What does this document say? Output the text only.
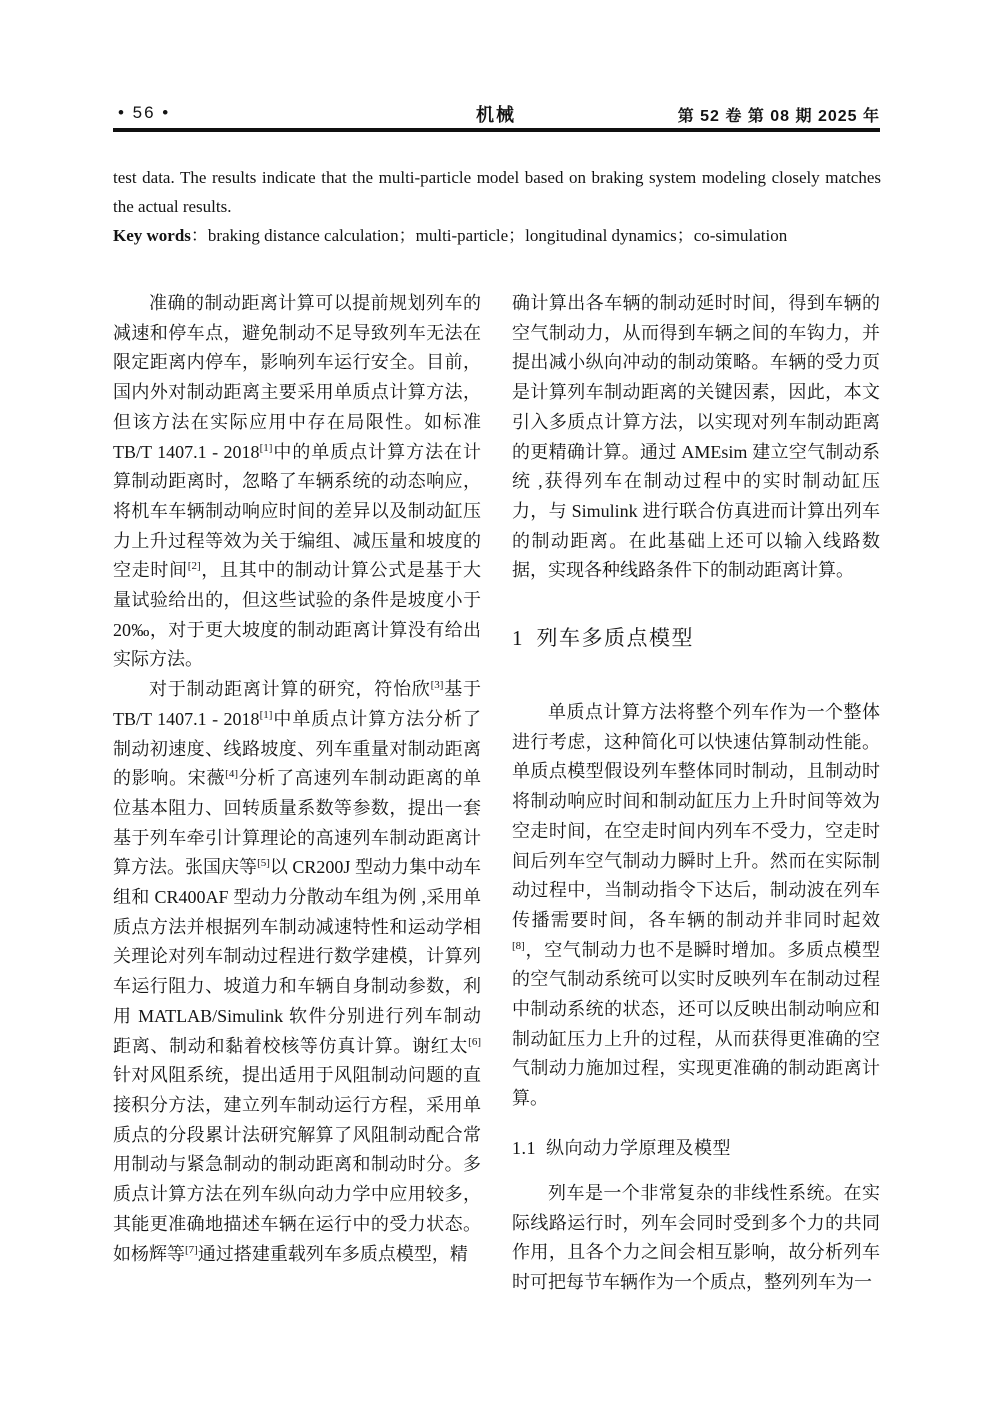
• 56 •	机械	第 52 卷 第 08 期 2025 年
test data. The results indicate that the multi-particle model based on braking system modeling closely matches
the actual results.
Key words：braking distance calculation；multi-particle；longitudinal dynamics；co-simulation

准确的制动距离计算可以提前规划列车的减速和停车点，避免制动不足导致列车无法在限定距离内停车，影响列车运行安全。目前，国内外对制动距离主要采用单质点计算方法，但该方法在实际应用中存在局限性。如标准TB/T 1407.1 - 2018[1]中的单质点计算方法在计算制动距离时，忽略了车辆系统的动态响应，将机车车辆制动响应时间的差异以及制动缸压力上升过程等效为关于编组、减压量和坡度的空走时间[2]，且其中的制动计算公式是基于大量试验给出的，但这些试验的条件是坡度小于20‰，对于更大坡度的制动距离计算没有给出实际方法。

对于制动距离计算的研究，符怡欣[3]基于TB/T 1407.1 - 2018[1]中单质点计算方法分析了制动初速度、线路坡度、列车重量对制动距离的影响。宋薇[4]分析了高速列车制动距离的单位基本阻力、回转质量系数等参数，提出一套基于列车牵引计算理论的高速列车制动距离计算方法。张国庆等[5]以 CR200J 型动力集中动车组和 CR400AF 型动力分散动车组为例 ,采用单质点方法并根据列车制动减速特性和运动学相关理论对列车制动过程进行数学建模，计算列车运行阻力、坡道力和车辆自身制动参数，利用 MATLAB/Simulink 软件分别进行列车制动距离、制动和黏着校核等仿真计算。谢红太[6]针对风阻系统，提出适用于风阻制动问题的直接积分方法，建立列车制动运行方程，采用单质点的分段累计法研究解算了风阻制动配合常用制动与紧急制动的制动距离和制动时分。多质点计算方法在列车纵向动力学中应用较多，其能更准确地描述车辆在运行中的受力状态。如杨辉等[7]通过搭建重载列车多质点模型，精

确计算出各车辆的制动延时时间，得到车辆的空气制动力，从而得到车辆之间的车钩力，并提出减小纵向冲动的制动策略。车辆的受力页是计算列车制动距离的关键因素，因此，本文引入多质点计算方法，以实现对列车制动距离的更精确计算。通过 AMEsim 建立空气制动系统 ,获得列车在制动过程中的实时制动缸压力，与 Simulink 进行联合仿真进而计算出列车的制动距离。在此基础上还可以输入线路数据，实现各种线路条件下的制动距离计算。

1 列车多质点模型

单质点计算方法将整个列车作为一个整体进行考虑，这种简化可以快速估算制动性能。单质点模型假设列车整体同时制动，且制动时将制动响应时间和制动缸压力上升时间等效为空走时间，在空走时间内列车不受力，空走时间后列车空气制动力瞬时上升。然而在实际制动过程中，当制动指令下达后，制动波在列车传播需要时间，各车辆的制动并非同时起效[8]，空气制动力也不是瞬时增加。多质点模型的空气制动系统可以实时反映列车在制动过程中制动系统的状态，还可以反映出制动响应和制动缸压力上升的过程，从而获得更准确的空气制动力施加过程，实现更准确的制动距离计算。

1.1 纵向动力学原理及模型

列车是一个非常复杂的非线性系统。在实际线路运行时，列车会同时受到多个力的共同作用，且各个力之间会相互影响，故分析列车时可把每节车辆作为一个质点，整列列车为一
